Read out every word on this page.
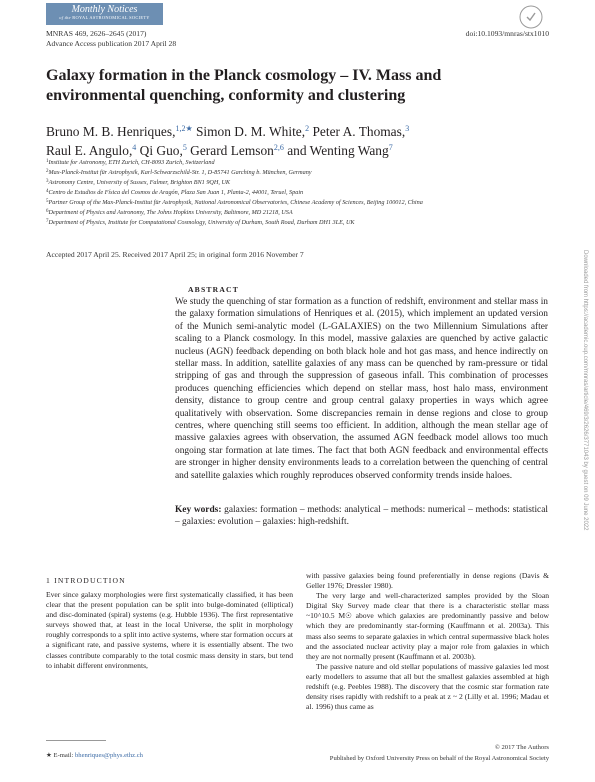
Monthly Notices
of the ROYAL ASTRONOMICAL SOCIETY
MNRAS 469, 2626–2645 (2017)
Advance Access publication 2017 April 28
doi:10.1093/mnras/stx1010
Galaxy formation in the Planck cosmology – IV. Mass and environmental quenching, conformity and clustering
Bruno M. B. Henriques,$^{1,2★}$ Simon D. M. White,$^2$ Peter A. Thomas,$^3$
Raul E. Angulo,$^4$ Qi Guo,$^5$ Gerard Lemson$^{2,6}$ and Wenting Wang$^7$
$^1$Institute for Astronomy, ETH Zurich, CH-8093 Zurich, Switzerland
$^2$Max-Planck-Institut für Astrophysik, Karl-Schwarzschild-Str. 1, D-85741 Garching b. München, Germany
$^3$Astronomy Centre, University of Sussex, Falmer, Brighton BN1 9QH, UK
$^4$Centro de Estudios de Física del Cosmos de Aragón, Plaza San Juan 1, Planta-2, 44001, Teruel, Spain
$^5$Partner Group of the Max-Planck-Institut für Astrophysik, National Astronomical Observatories, Chinese Academy of Sciences, Beijing 100012, China
$^6$Department of Physics and Astronomy, The Johns Hopkins University, Baltimore, MD 21218, USA
$^7$Department of Physics, Institute for Computational Cosmology, University of Durham, South Road, Durham DH1 3LE, UK
Accepted 2017 April 25. Received 2017 April 25; in original form 2016 November 7
ABSTRACT
We study the quenching of star formation as a function of redshift, environment and stellar mass in the galaxy formation simulations of Henriques et al. (2015), which implement an updated version of the Munich semi-analytic model (L-GALAXIES) on the two Millennium Simulations after scaling to a Planck cosmology. In this model, massive galaxies are quenched by active galactic nucleus (AGN) feedback depending on both black hole and hot gas mass, and hence indirectly on stellar mass. In addition, satellite galaxies of any mass can be quenched by ram-pressure or tidal stripping of gas and through the suppression of gaseous infall. This combination of processes produces quenching efficiencies which depend on stellar mass, host halo mass, environment density, distance to group centre and group central galaxy properties in ways which agree qualitatively with observation. Some discrepancies remain in dense regions and close to group centres, where quenching still seems too efficient. In addition, although the mean stellar age of massive galaxies agrees with observation, the assumed AGN feedback model allows too much ongoing star formation at late times. The fact that both AGN feedback and environmental effects are stronger in higher density environments leads to a correlation between the quenching of central and satellite galaxies which roughly reproduces observed conformity trends inside haloes.
Key words: galaxies: formation – methods: analytical – methods: numerical – methods: statistical – galaxies: evolution – galaxies: high-redshift.
1 INTRODUCTION
Ever since galaxy morphologies were first systematically classified, it has been clear that the present population can be split into bulge-dominated (elliptical) and disc-dominated (spiral) systems (e.g. Hubble 1936). The first representative surveys showed that, at least in the local Universe, the split in morphology roughly corresponds to a split into active systems, where star formation occurs at a significant rate, and passive systems, where it is essentially absent. The two classes contribute comparably to the total cosmic mass density in stars, but tend to inhabit different environments,
with passive galaxies being found preferentially in dense regions (Davis & Geller 1976; Dressler 1980).
The very large and well-characterized samples provided by the Sloan Digital Sky Survey made clear that there is a characteristic stellar mass ~10^10.5 M☉ above which galaxies are predominantly passive and below which they are predominantly star-forming (Kauffmann et al. 2003a). This mass also seems to separate galaxies in which central supermassive black holes and the associated nuclear activity play a major role from galaxies in which they are not normally present (Kauffmann et al. 2003b).
The passive nature and old stellar populations of massive galaxies led most early modellers to assume that all but the smallest galaxies assembled at high redshift (e.g. Peebles 1988). The discovery that the cosmic star formation rate density rises rapidly with redshift to a peak at z ~ 2 (Lilly et al. 1996; Madau et al. 1996) thus came as
★ E-mail: bhenriques@phys.ethz.ch
© 2017 The Authors
Published by Oxford University Press on behalf of the Royal Astronomical Society
Downloaded from https://academic.oup.com/mnras/article/469/3/2626/3771043 by guest on 09 June 2022
